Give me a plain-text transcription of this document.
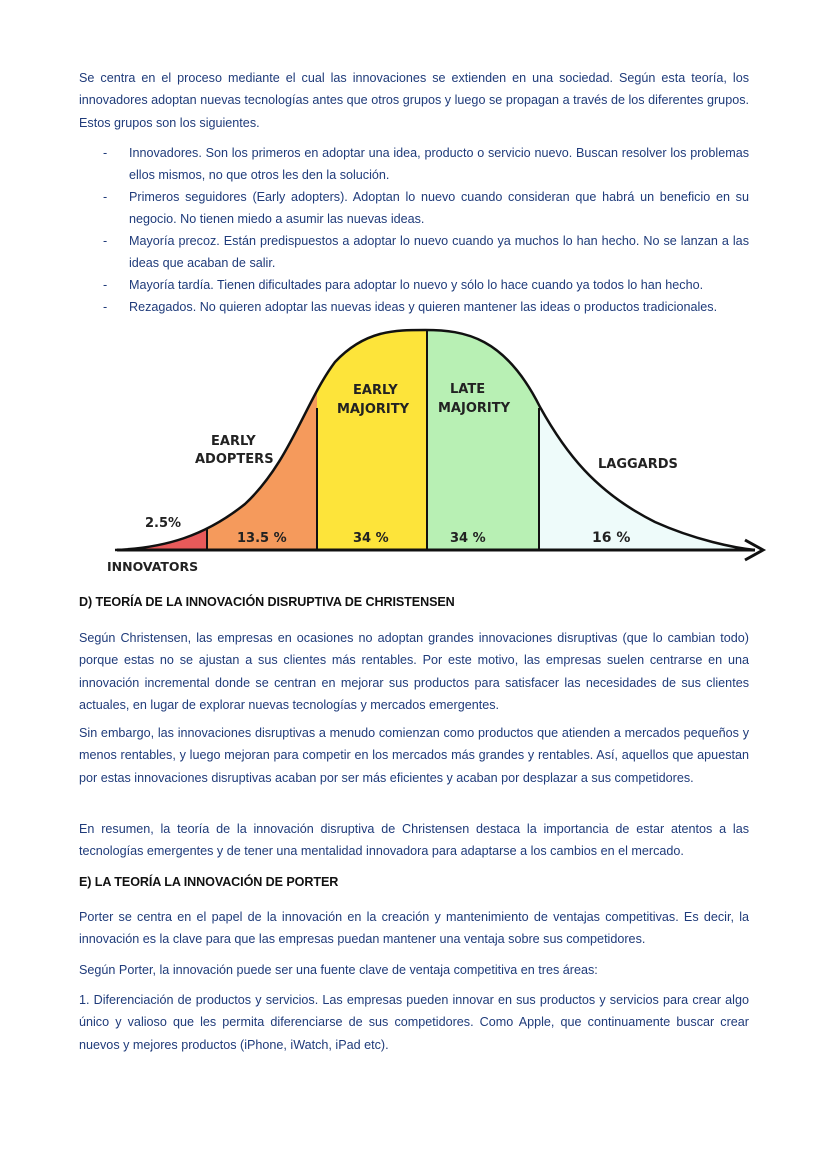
Se centra en el proceso mediante el cual las innovaciones se extienden en una sociedad. Según esta teoría, los innovadores adoptan nuevas tecnologías antes que otros grupos y luego se propagan a través de los diferentes grupos. Estos grupos son los siguientes.

- Innovadores. Son los primeros en adoptar una idea, producto o servicio nuevo. Buscan resolver los problemas ellos mismos, no que otros les den la solución.
- Primeros seguidores (Early adopters). Adoptan lo nuevo cuando consideran que habrá un beneficio en su negocio. No tienen miedo a asumir las nuevas ideas.
- Mayoría precoz. Están predispuestos a adoptar lo nuevo cuando ya muchos lo han hecho. No se lanzan a las ideas que acaban de salir.
- Mayoría tardía. Tienen dificultades para adoptar lo nuevo y sólo lo hace cuando ya todos lo han hecho.
- Rezagados. No quieren adoptar las nuevas ideas y quieren mantener las ideas o productos tradicionales.
2.5%
13.5 %	34 %	34 %	16 %
EARLY
ADOPTERS
EARLY
MAJORITY
LATE
MAJORITY
LAGGARDS
INNOVATORS

D) TEORÍA DE LA INNOVACIÓN DISRUPTIVA DE CHRISTENSEN

Según Christensen, las empresas en ocasiones no adoptan grandes innovaciones disruptivas (que lo cambian todo) porque estas no se ajustan a sus clientes más rentables. Por este motivo, las empresas suelen centrarse en una innovación incremental donde se centran en mejorar sus productos para satisfacer las necesidades de sus clientes actuales, en lugar de explorar nuevas tecnologías y mercados emergentes.

Sin embargo, las innovaciones disruptivas a menudo comienzan como productos que atienden a mercados pequeños y menos rentables, y luego mejoran para competir en los mercados más grandes y rentables. Así, aquellos que apuestan por estas innovaciones disruptivas acaban por ser más eficientes y acaban por desplazar a sus competidores.

En resumen, la teoría de la innovación disruptiva de Christensen destaca la importancia de estar atentos a las tecnologías emergentes y de tener una mentalidad innovadora para adaptarse a los cambios en el mercado.

E) LA TEORÍA LA INNOVACIÓN DE PORTER

Porter se centra en el papel de la innovación en la creación y mantenimiento de ventajas competitivas. Es decir, la innovación es la clave para que las empresas puedan mantener una ventaja sobre sus competidores.

Según Porter, la innovación puede ser una fuente clave de ventaja competitiva en tres áreas:

1. Diferenciación de productos y servicios. Las empresas pueden innovar en sus productos y servicios para crear algo único y valioso que les permita diferenciarse de sus competidores. Como Apple, que continuamente buscar crear nuevos y mejores productos (iPhone, iWatch, iPad etc).
